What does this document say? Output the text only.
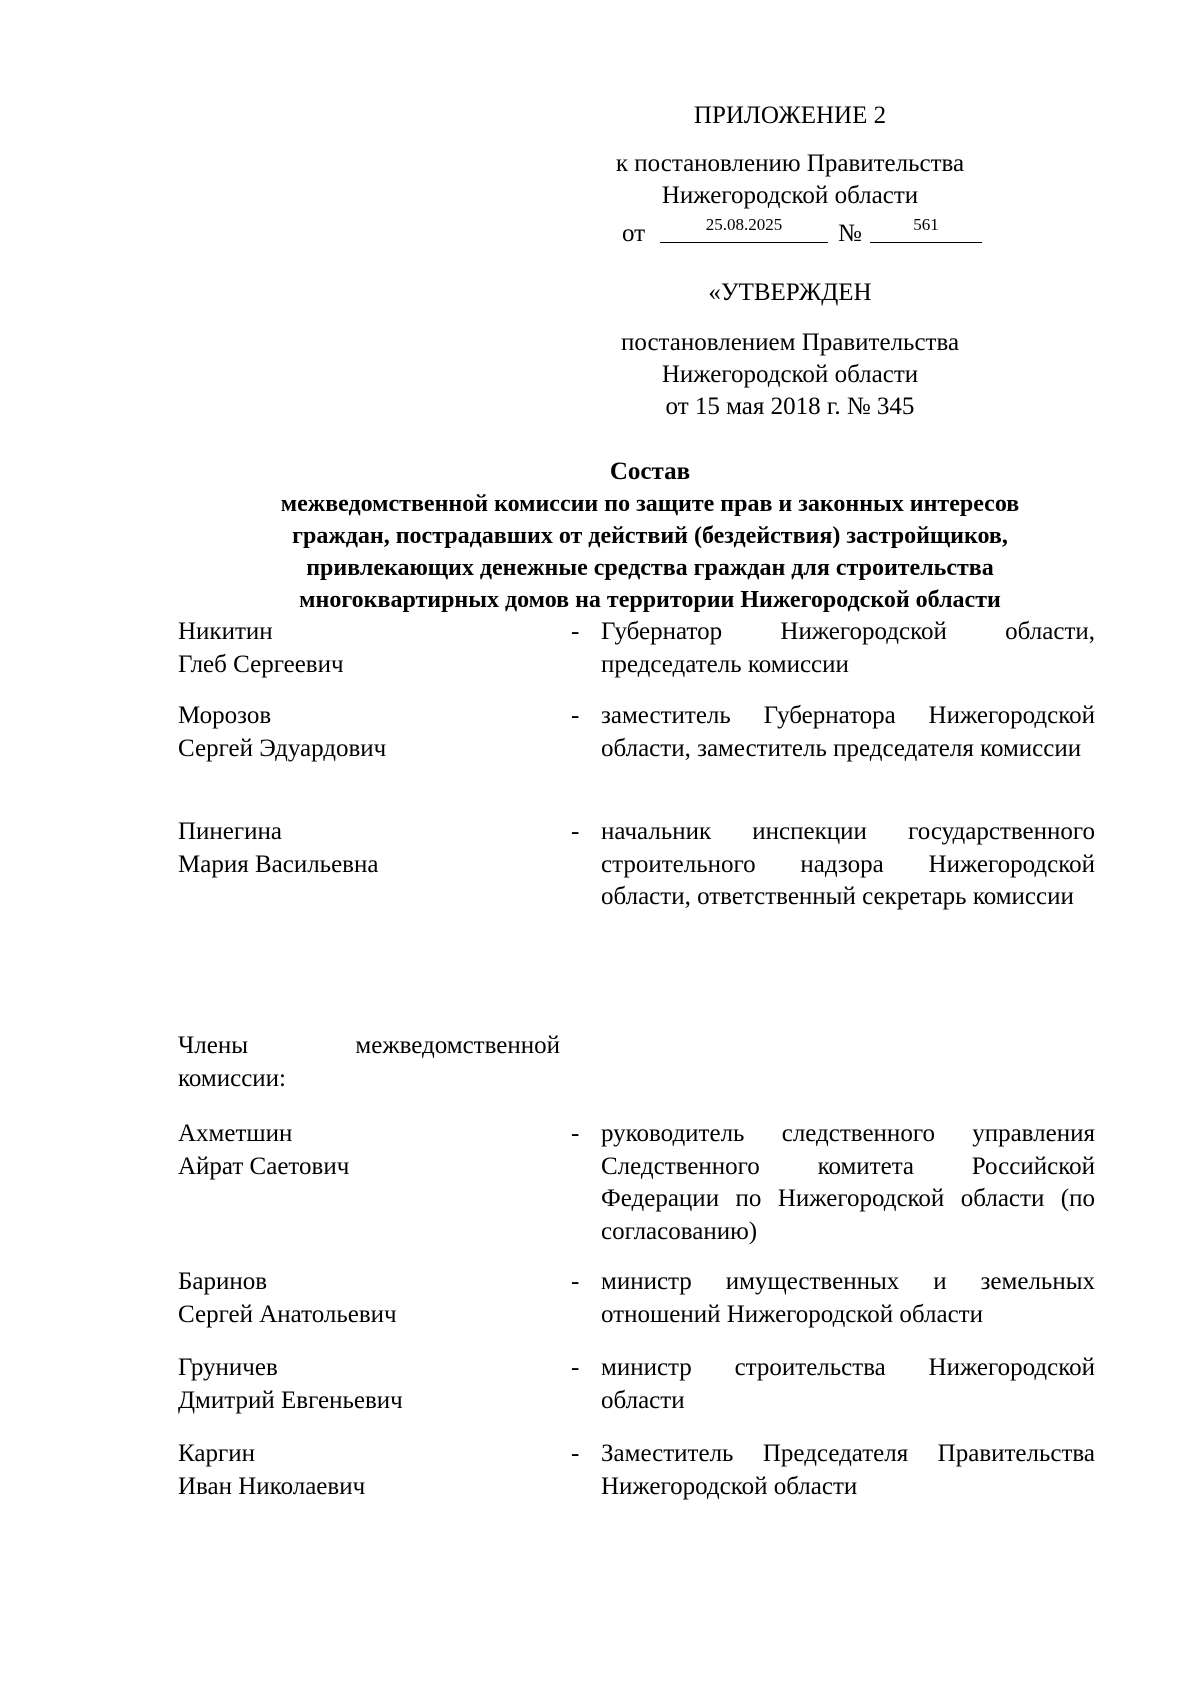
ПРИЛОЖЕНИЕ 2
к постановлению Правительства
Нижегородской области
от	25.08.2025	№	561
«УТВЕРЖДЕН
постановлением Правительства
Нижегородской области
от 15 мая 2018 г. № 345
Состав
межведомственной комиссии по защите прав и законных интересов
граждан, пострадавших от действий (бездействия) застройщиков,
привлекающих денежные средства граждан для строительства
многоквартирных домов на территории Нижегородской области
Никитин
Глеб Сергеевич
- Губернатор Нижегородской области, председатель комиссии
Морозов
Сергей Эдуардович
- заместитель Губернатора Нижегородской области, заместитель председателя комиссии
Пинегина
Мария Васильевна
- начальник инспекции государственного строительного надзора Нижегородской области, ответственный секретарь комиссии
Члены межведомственной комиссии:
Ахметшин
Айрат Саетович
- руководитель следственного управления Следственного комитета Российской Федерации по Нижегородской области (по согласованию)
Баринов
Сергей Анатольевич
- министр имущественных и земельных отношений Нижегородской области
Груничев
Дмитрий Евгеньевич
- министр строительства Нижегородской области
Каргин
Иван Николаевич
- Заместитель Председателя Правительства Нижегородской области
